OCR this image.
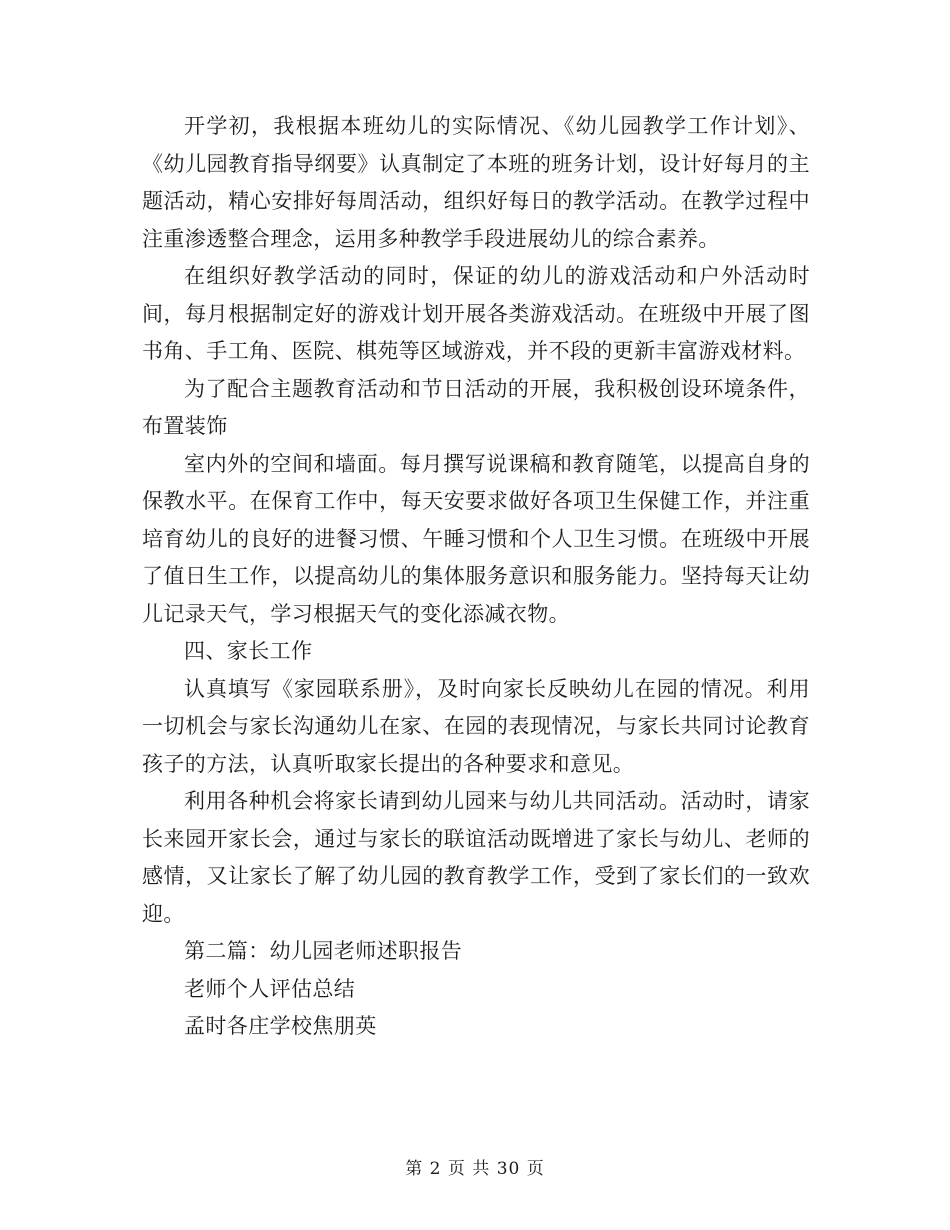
开学初，我根据本班幼儿的实际情况、《幼儿园教学工作计划》、《幼儿园教育指导纲要》认真制定了本班的班务计划，设计好每月的主题活动，精心安排好每周活动，组织好每日的教学活动。在教学过程中注重渗透整合理念，运用多种教学手段进展幼儿的综合素养。

在组织好教学活动的同时，保证的幼儿的游戏活动和户外活动时间，每月根据制定好的游戏计划开展各类游戏活动。在班级中开展了图书角、手工角、医院、棋苑等区域游戏，并不段的更新丰富游戏材料。

为了配合主题教育活动和节日活动的开展，我积极创设环境条件，布置装饰

室内外的空间和墙面。每月撰写说课稿和教育随笔，以提高自身的保教水平。在保育工作中，每天安要求做好各项卫生保健工作，并注重培育幼儿的良好的进餐习惯、午睡习惯和个人卫生习惯。在班级中开展了值日生工作，以提高幼儿的集体服务意识和服务能力。坚持每天让幼儿记录天气，学习根据天气的变化添减衣物。

四、家长工作

认真填写《家园联系册》，及时向家长反映幼儿在园的情况。利用一切机会与家长沟通幼儿在家、在园的表现情况，与家长共同讨论教育孩子的方法，认真听取家长提出的各种要求和意见。

利用各种机会将家长请到幼儿园来与幼儿共同活动。活动时，请家长来园开家长会，通过与家长的联谊活动既增进了家长与幼儿、老师的感情，又让家长了解了幼儿园的教育教学工作，受到了家长们的一致欢迎。

第二篇：幼儿园老师述职报告

老师个人评估总结

孟时各庄学校焦朋英

第 2 页 共 30 页
